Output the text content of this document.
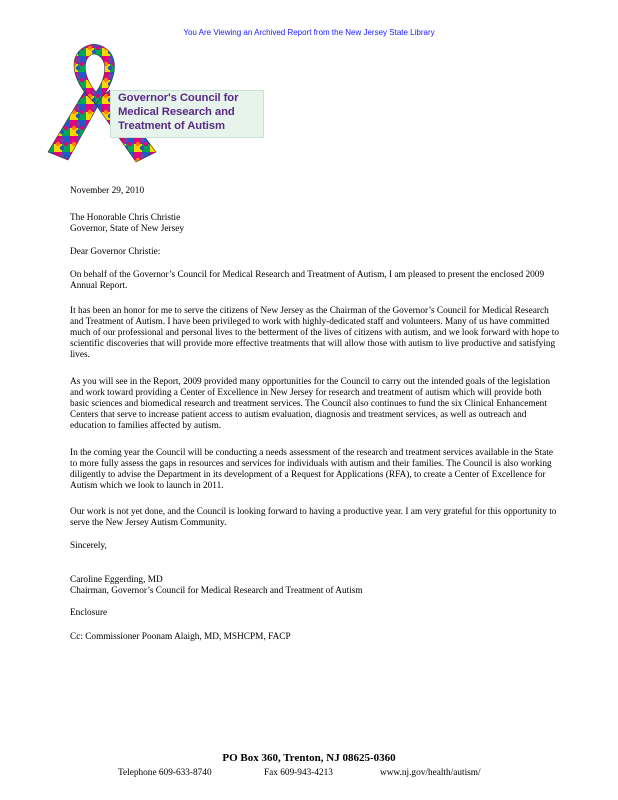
You Are Viewing an Archived Report from the New Jersey State Library
Governor's Council for
Medical Research and
Treatment of Autism
November 29, 2010
The Honorable Chris Christie
Governor, State of New Jersey
Dear Governor Christie:

On behalf of the Governor’s Council for Medical Research and Treatment of Autism, I am pleased to present the enclosed 2009 Annual Report.

It has been an honor for me to serve the citizens of New Jersey as the Chairman of the Governor’s Council for Medical Research and Treatment of Autism. I have been privileged to work with highly-dedicated staff and volunteers. Many of us have committed much of our professional and personal lives to the betterment of the lives of citizens with autism, and we look forward with hope to scientific discoveries that will provide more effective treatments that will allow those with autism to live productive and satisfying lives.

As you will see in the Report, 2009 provided many opportunities for the Council to carry out the intended goals of the legislation and work toward providing a Center of Excellence in New Jersey for research and treatment of autism which will provide both basic sciences and biomedical research and treatment services. The Council also continues to fund the six Clinical Enhancement Centers that serve to increase patient access to autism evaluation, diagnosis and treatment services, as well as outreach and education to families affected by autism.

In the coming year the Council will be conducting a needs assessment of the research and treatment services available in the State to more fully assess the gaps in resources and services for individuals with autism and their families. The Council is also working diligently to advise the Department in its development of a Request for Applications (RFA), to create a Center of Excellence for Autism which we look to launch in 2011.

Our work is not yet done, and the Council is looking forward to having a productive year. I am very grateful for this opportunity to serve the New Jersey Autism Community.

Sincerely,
Caroline Eggerding, MD
Chairman, Governor’s Council for Medical Research and Treatment of Autism
Enclosure
Cc: Commissioner Poonam Alaigh, MD, MSHCPM, FACP
PO Box 360, Trenton, NJ 08625-0360
Telephone 609-633-8740	Fax 609-943-4213	www.nj.gov/health/autism/
